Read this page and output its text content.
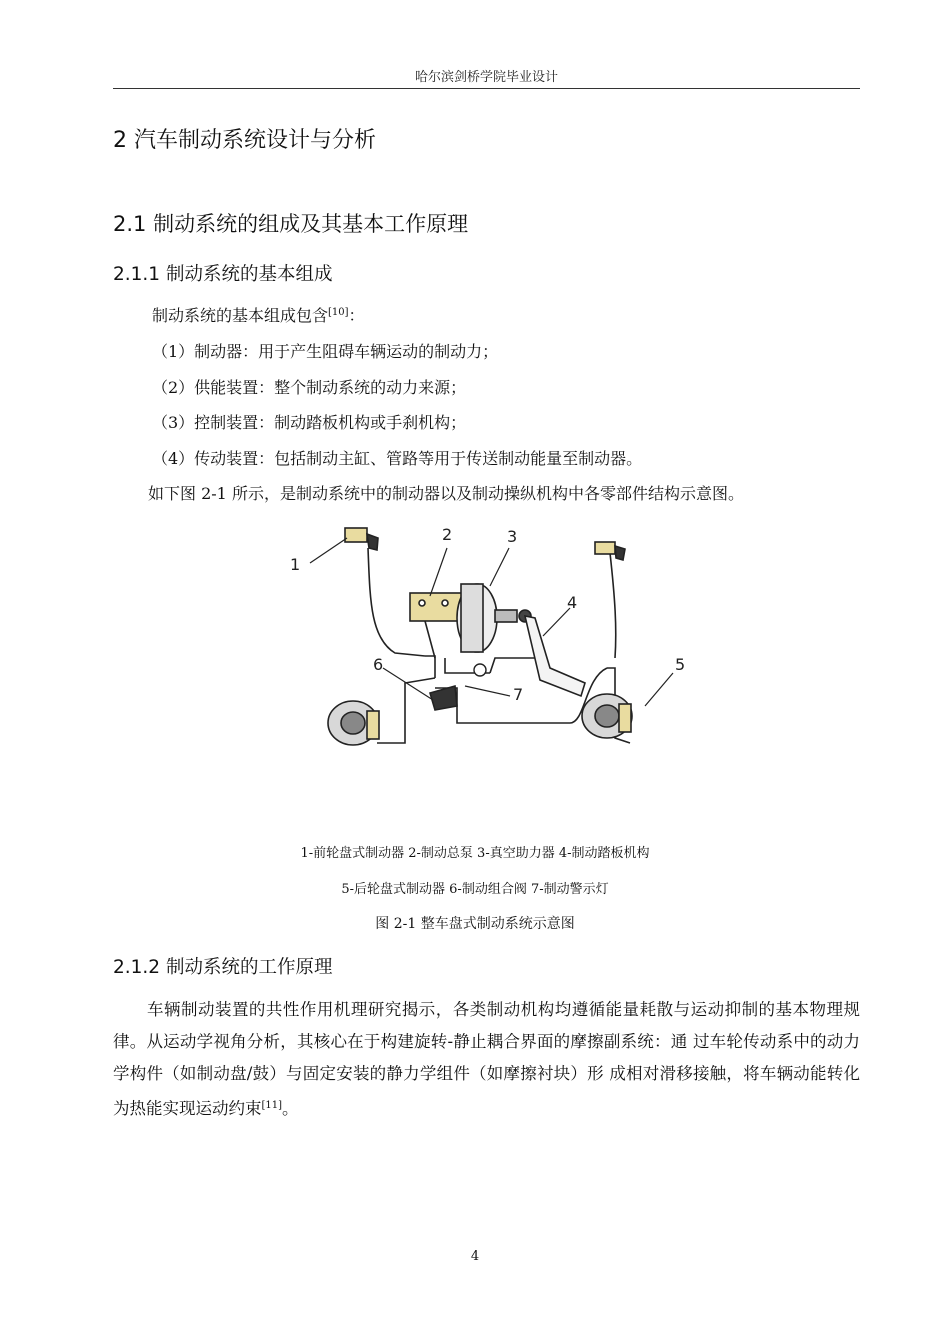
哈尔滨剑桥学院毕业设计
2 汽车制动系统设计与分析
2.1 制动系统的组成及其基本工作原理
2.1.1 制动系统的基本组成
制动系统的基本组成包含[10]：
（1）制动器：用于产生阻碍车辆运动的制动力；
（2）供能装置：整个制动系统的动力来源；
（3）控制装置：制动踏板机构或手刹机构；
（4）传动装置：包括制动主缸、管路等用于传送制动能量至制动器。
如下图 2-1 所示，是制动系统中的制动器以及制动操纵机构中各零部件结构示意图。
1
2	3
4
5
6
7
1-前轮盘式制动器 2-制动总泵 3-真空助力器 4-制动踏板机构
5-后轮盘式制动器 6-制动组合阀 7-制动警示灯
图 2-1 整车盘式制动系统示意图
2.1.2 制动系统的工作原理

车辆制动装置的共性作用机理研究揭示，各类制动机构均遵循能量耗散与运动抑制的基本物理规律。从运动学视角分析，其核心在于构建旋转-静止耦合界面的摩擦副系统：通 过车轮传动系中的动力学构件（如制动盘/鼓）与固定安装的静力学组件（如摩擦衬块）形 成相对滑移接触，将车辆动能转化为热能实现运动约束[11]。

4
